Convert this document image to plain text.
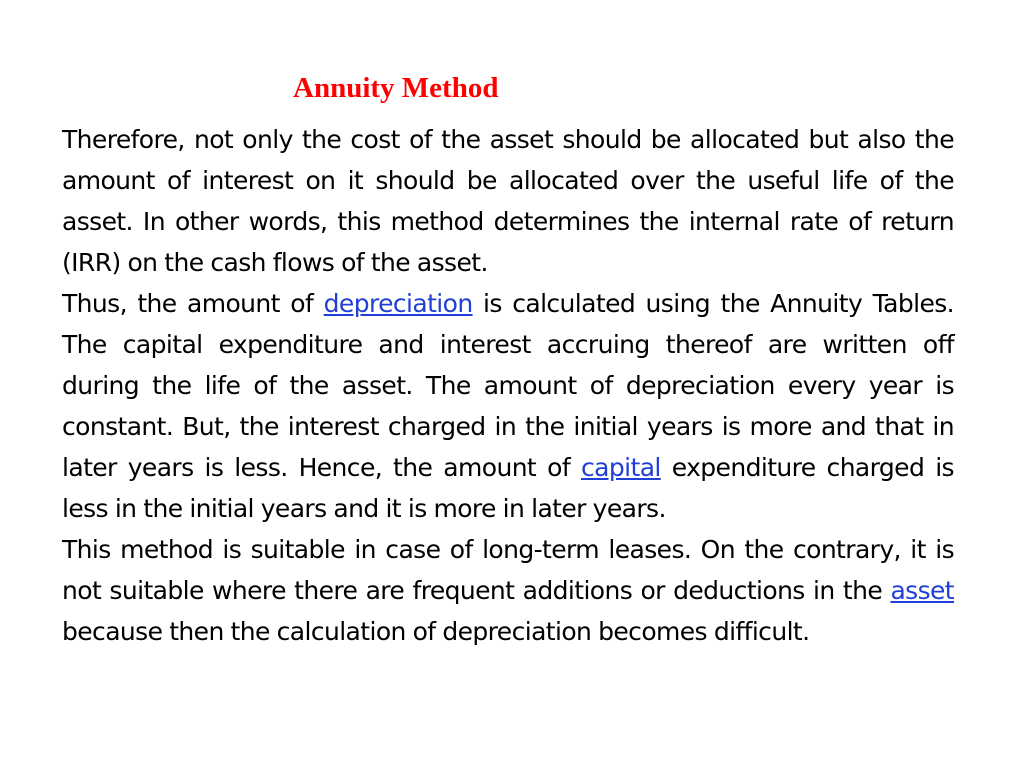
Annuity Method

Therefore, not only the cost of the asset should be allocated but also the amount of interest on it should be allocated over the useful life of the asset. In other words, this method determines the internal rate of return (IRR) on the cash flows of the asset.

Thus, the amount of depreciation is calculated using the Annuity Tables. The capital expenditure and interest accruing thereof are written off during the life of the asset. The amount of depreciation every year is constant. But, the interest charged in the initial years is more and that in later years is less. Hence, the amount of capital expenditure charged is less in the initial years and it is more in later years.

This method is suitable in case of long-term leases. On the contrary, it is not suitable where there are frequent additions or deductions in the asset because then the calculation of depreciation becomes difficult.
